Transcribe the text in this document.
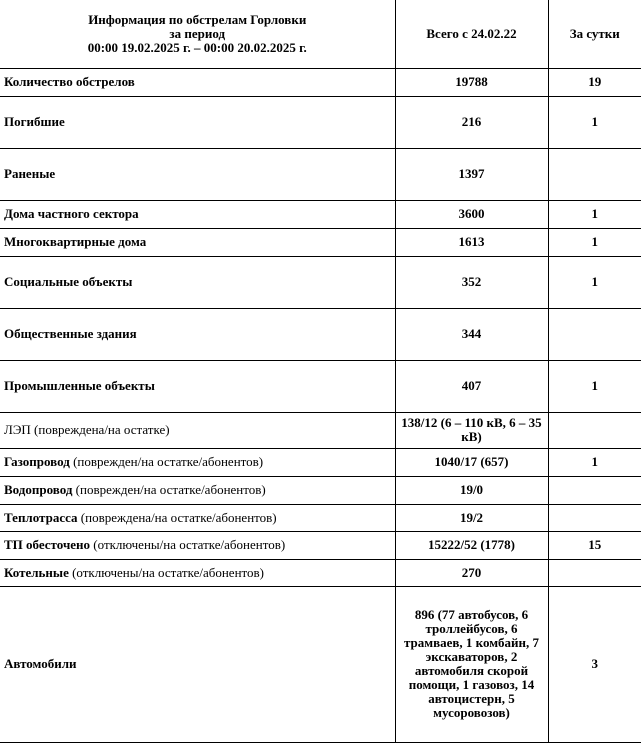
Информация по обстрелам Горловки
за период
00:00 19.02.2025 г. – 00:00 20.02.2025 г.	Всего с 24.02.22	За сутки
Количество обстрелов	19788	19
Погибшие	216	1
Раненые	1397	
Дома частного сектора	3600	1
Многоквартирные дома	1613	1
Социальные объекты	352	1
Общественные здания	344	
Промышленные объекты	407	1
ЛЭП (повреждена/на остатке)	138/12 (6 – 110 кВ, 6 – 35 кВ)	
Газопровод (поврежден/на остатке/абонентов)	1040/17 (657)	1
Водопровод (поврежден/на остатке/абонентов)	19/0	
Теплотрасса (повреждена/на остатке/абонентов)	19/2	
ТП обесточено (отключены/на остатке/абонентов)	15222/52 (1778)	15
Котельные (отключены/на остатке/абонентов)	270	
Автомобили	896 (77 автобусов, 6 троллейбусов, 6 трамваев, 1 комбайн, 7 экскаваторов, 2 автомобиля скорой помощи, 1 газовоз, 14 автоцистерн, 5 мусоровозов)	3
